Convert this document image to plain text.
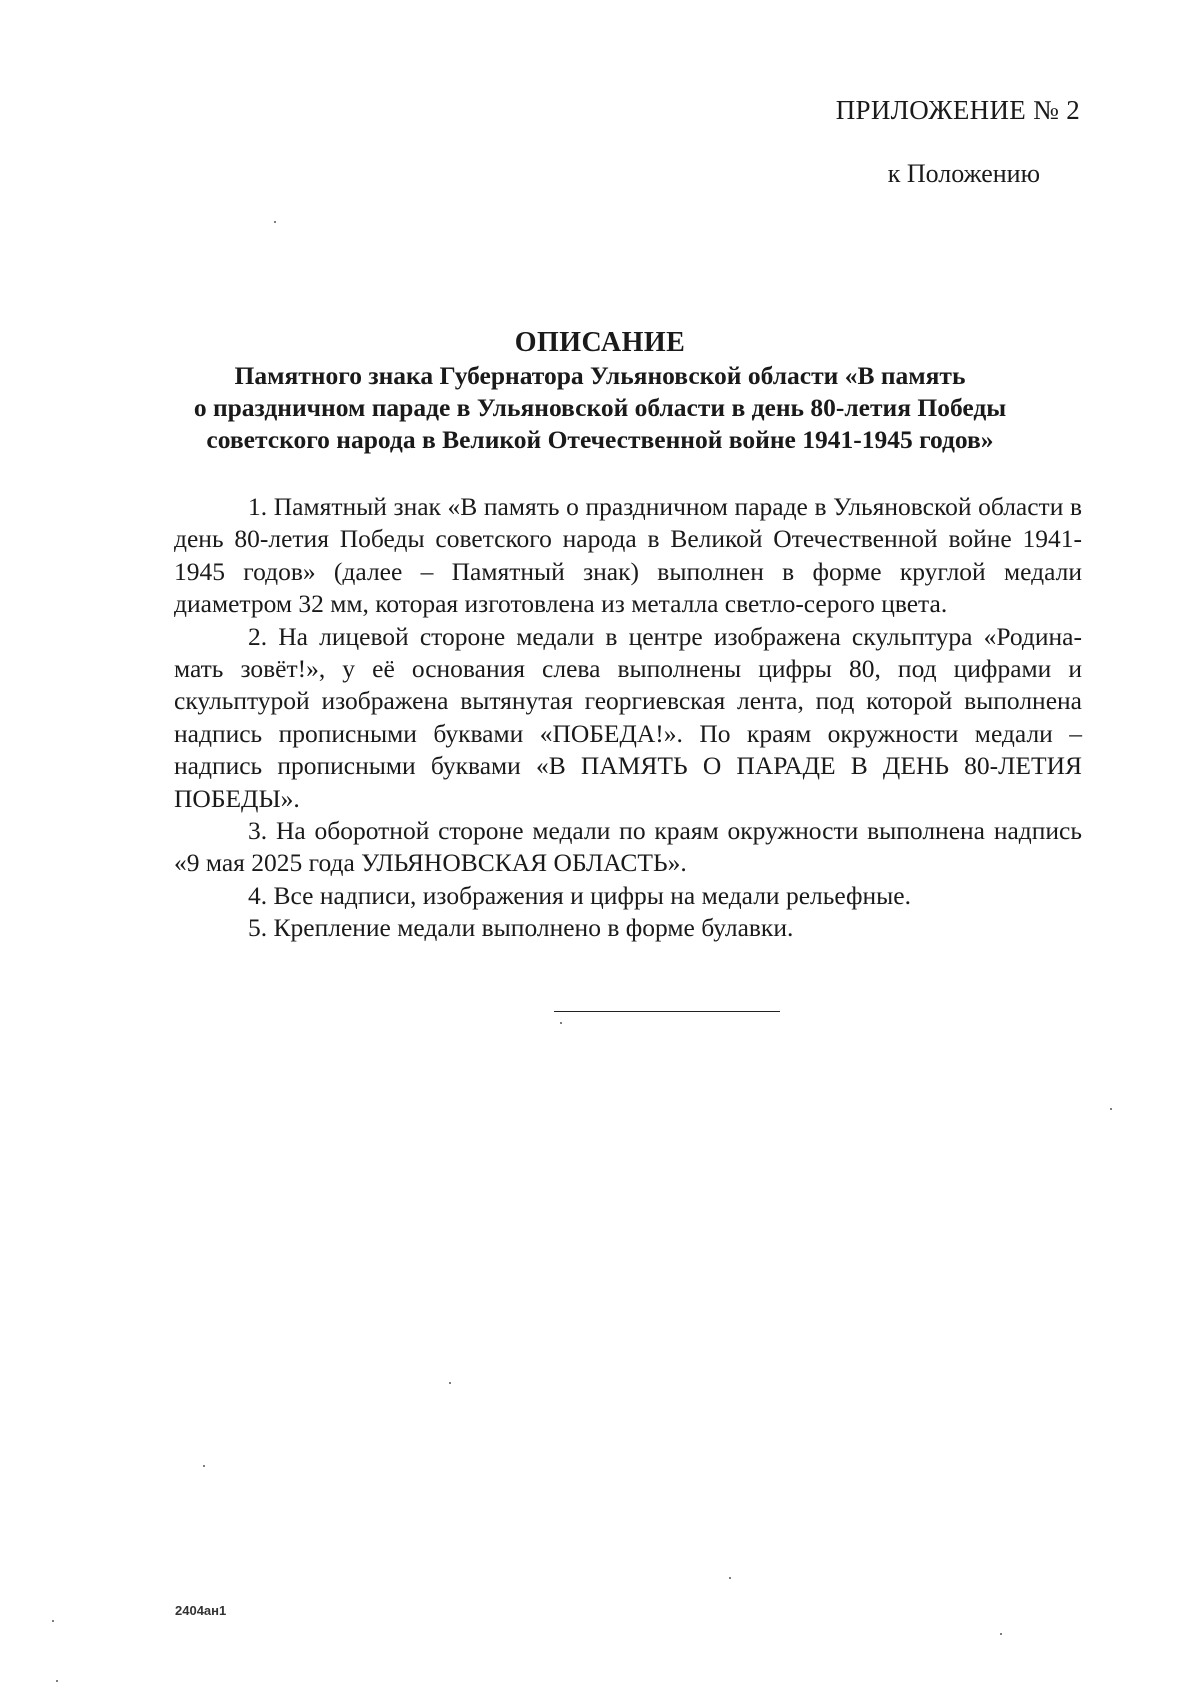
ПРИЛОЖЕНИЕ № 2
к Положению
ОПИСАНИЕ
Памятного знака Губернатора Ульяновской области «В память
о праздничном параде в Ульяновской области в день 80-летия Победы
советского народа в Великой Отечественной войне 1941-1945 годов»

1. Памятный знак «В память о праздничном параде в Ульяновской области в день 80-летия Победы советского народа в Великой Отечественной войне 1941-1945 годов» (далее – Памятный знак) выполнен в форме круглой медали диаметром 32 мм, которая изготовлена из металла светло-серого цвета.

2. На лицевой стороне медали в центре изображена скульптура «Родина-мать зовёт!», у её основания слева выполнены цифры 80, под цифрами и скульптурой изображена вытянутая георгиевская лента, под которой выполнена надпись прописными буквами «ПОБЕДА!». По краям окружности медали – надпись прописными буквами «В ПАМЯТЬ О ПАРАДЕ В ДЕНЬ 80-ЛЕТИЯ ПОБЕДЫ».

3. На оборотной стороне медали по краям окружности выполнена надпись «9 мая 2025 года УЛЬЯНОВСКАЯ ОБЛАСТЬ».

4. Все надписи, изображения и цифры на медали рельефные.

5. Крепление медали выполнено в форме булавки.

2404ан1
